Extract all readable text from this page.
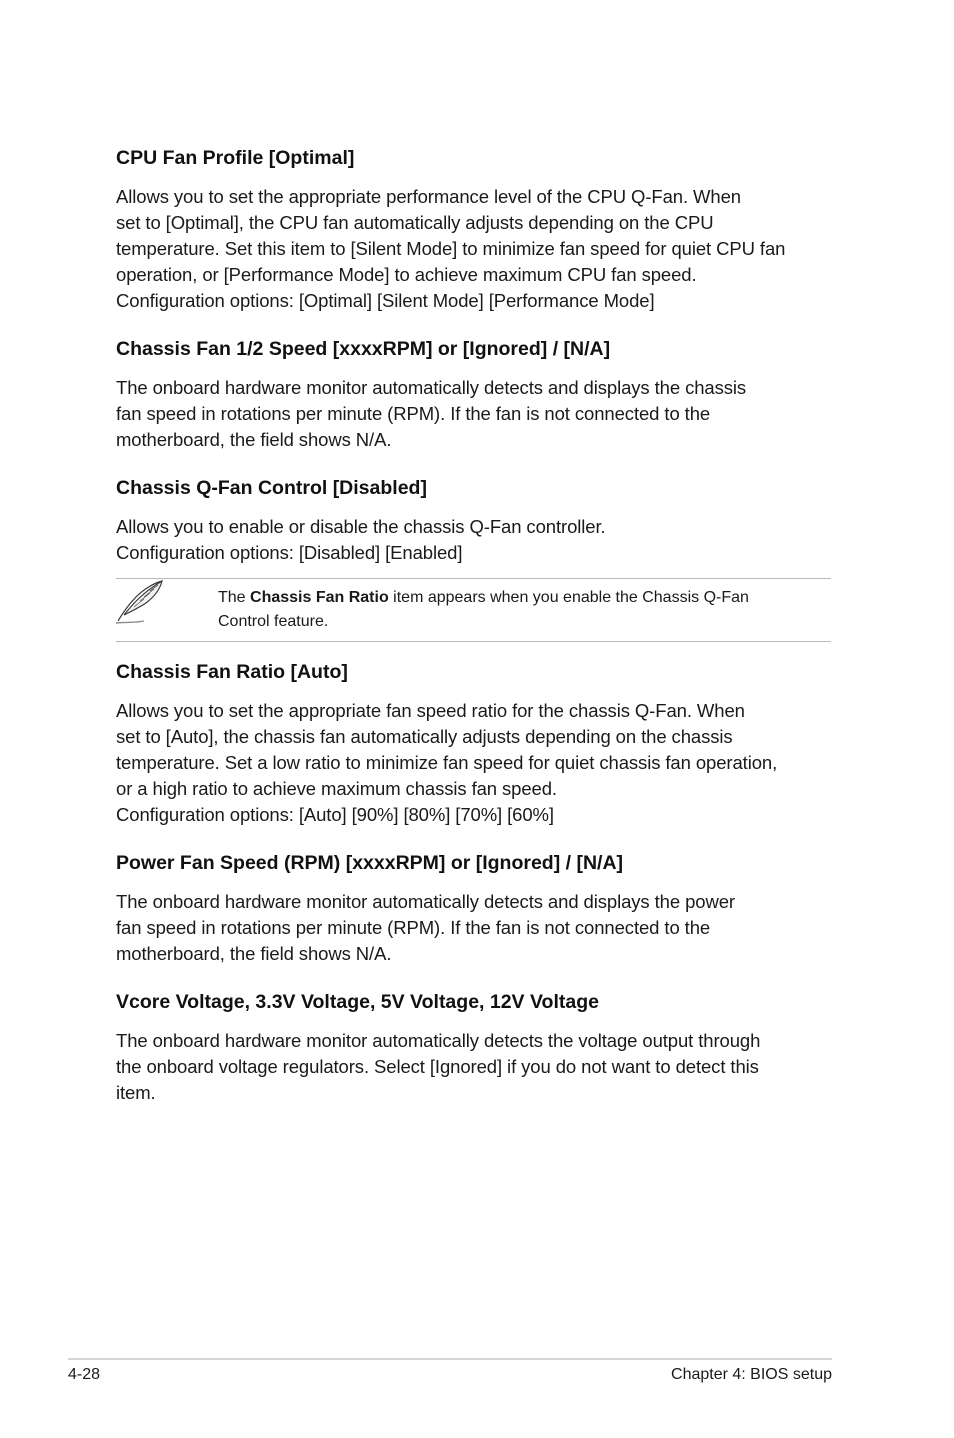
CPU Fan Profile [Optimal]

Allows you to set the appropriate performance level of the CPU Q-Fan. When
set to [Optimal], the CPU fan automatically adjusts depending on the CPU
temperature. Set this item to [Silent Mode] to minimize fan speed for quiet CPU fan
operation, or [Performance Mode] to achieve maximum CPU fan speed.
Configuration options: [Optimal] [Silent Mode] [Performance Mode]

Chassis Fan 1/2 Speed [xxxxRPM] or [Ignored] / [N/A]

The onboard hardware monitor automatically detects and displays the chassis
fan speed in rotations per minute (RPM). If the fan is not connected to the
motherboard, the field shows N/A.

Chassis Q-Fan Control [Disabled]

Allows you to enable or disable the chassis Q-Fan controller.
Configuration options: [Disabled] [Enabled]

The Chassis Fan Ratio item appears when you enable the Chassis Q-Fan
Control feature.
Chassis Fan Ratio [Auto]

Allows you to set the appropriate fan speed ratio for the chassis Q-Fan. When
set to [Auto], the chassis fan automatically adjusts depending on the chassis
temperature. Set a low ratio to minimize fan speed for quiet chassis fan operation,
or a high ratio to achieve maximum chassis fan speed.
Configuration options: [Auto] [90%] [80%] [70%] [60%]

Power Fan Speed (RPM) [xxxxRPM] or [Ignored] / [N/A]

The onboard hardware monitor automatically detects and displays the power
fan speed in rotations per minute (RPM). If the fan is not connected to the
motherboard, the field shows N/A.

Vcore Voltage, 3.3V Voltage, 5V Voltage, 12V Voltage

The onboard hardware monitor automatically detects the voltage output through
the onboard voltage regulators. Select [Ignored] if you do not want to detect this
item.

4-28	Chapter 4: BIOS setup
